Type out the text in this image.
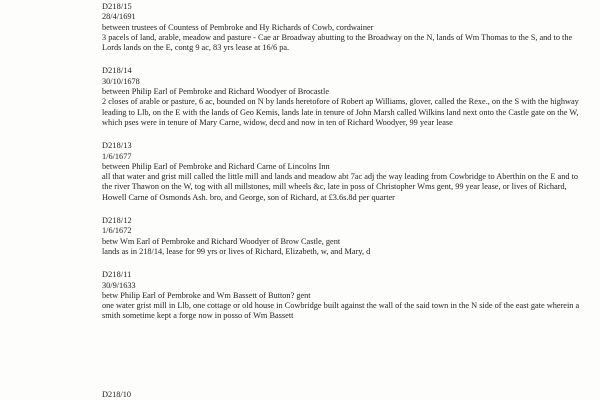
D218/15

28/4/1691

between trustees of Countess of Pembroke and Hy Richards of Cowb, cordwainer

3 pacels of land, arable, meadow and pasture - Cae ar Broadway abutting to the Broadway on the N, lands of Wm Thomas to the S, and to the Lords lands on the E, contg 9 ac, 83 yrs lease at 16/6 pa.

D218/14

30/10/1678

between Philip Earl of Pembroke and Richard Woodyer of Brocastle

2 closes of arable or pasture, 6 ac, bounded on N by lands heretofore of Robert ap Williams, glover, called the Rexe., on the S with the highway leading to Llb, on the E with the lands of Geo Kemis, lands late in tenure of John Marsh called Wilkins land next onto the Castle gate on the W, which pses were in tenure of Mary Carne, widow, decd and now in ten of Richard Woodyer, 99 year lease

D218/13

1/6/1677

between Philip Earl of Pembroke and Richard Carne of Lincolns Inn

all that water and grist mill called the little mill and lands and meadow abt 7ac adj the way leading from Cowbridge to Aberthin on the E and to the river Thawon on the W, tog with all millstones, mill wheels &c, late in poss of Christopher Wms gent, 99 year lease, or lives of Richard, Howell Carne of Osmonds Ash. bro, and George, son of Richard, at £3.6s.8d per quarter

D218/12

1/6/1672

betw Wm Earl of Pembroke and Richard Woodyer of Brow Castle, gent

lands as in 218/14, lease for 99 yrs or lives of Richard, Elizabeth, w, and Mary, d

D218/11

30/9/1633

betw Philip Earl of Pembroke and Wm Bassett of Button? gent

one water grist mill in Llb, one cottage or old house in Cowbridge built against the wall of the said town in the N side of the east gate wherein a smith sometime kept a forge now in posso of Wm Bassett

D218/10
